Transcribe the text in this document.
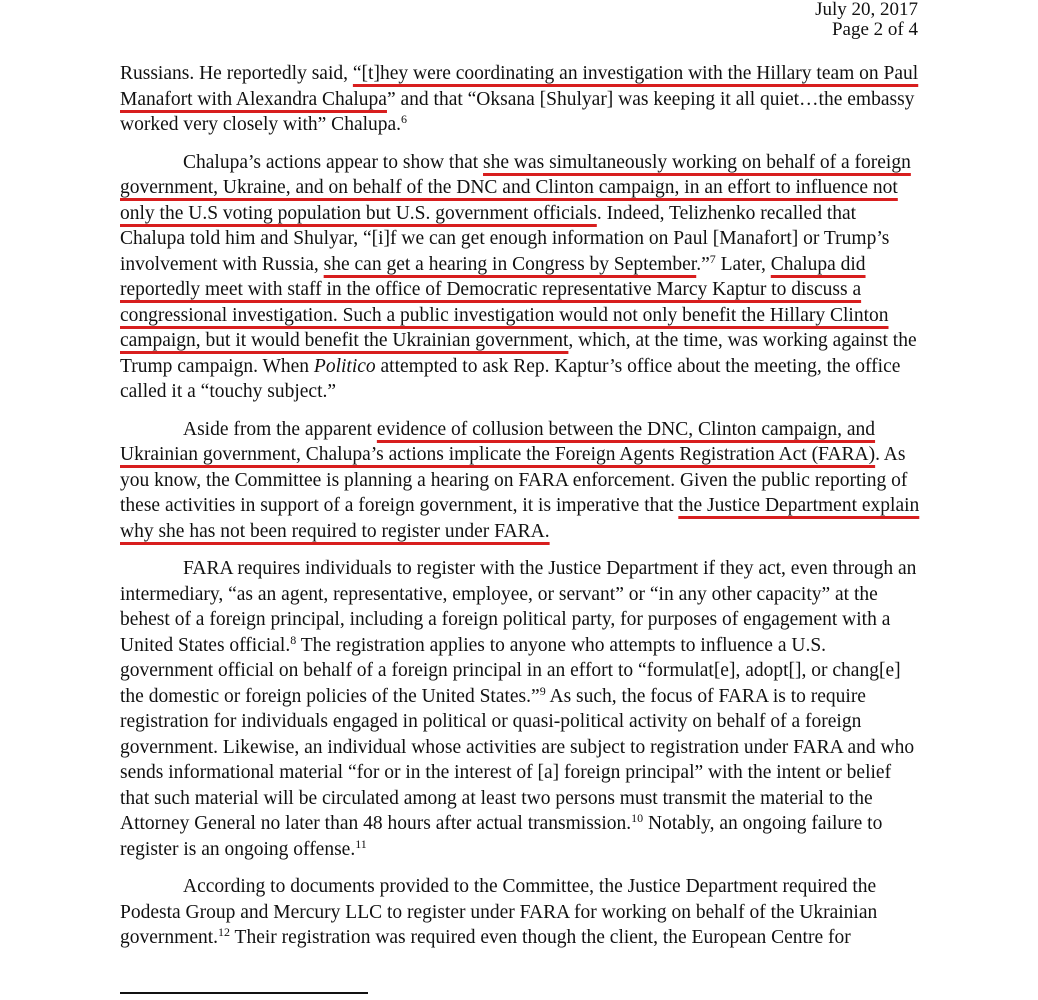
July 20, 2017
Page 2 of 4

Russians. He reportedly said, “[t]hey were coordinating an investigation with the Hillary team on Paul Manafort with Alexandra Chalupa” and that “Oksana [Shulyar] was keeping it all quiet…the embassy worked very closely with” Chalupa.$^6$

Chalupa’s actions appear to show that she was simultaneously working on behalf of a foreign government, Ukraine, and on behalf of the DNC and Clinton campaign, in an effort to influence not only the U.S voting population but U.S. government officials. Indeed, Telizhenko recalled that Chalupa told him and Shulyar, “[i]f we can get enough information on Paul [Manafort] or Trump’s involvement with Russia, she can get a hearing in Congress by September.”$^7$ Later, Chalupa did reportedly meet with staff in the office of Democratic representative Marcy Kaptur to discuss a congressional investigation. Such a public investigation would not only benefit the Hillary Clinton campaign, but it would benefit the Ukrainian government, which, at the time, was working against the Trump campaign. When Politico attempted to ask Rep. Kaptur’s office about the meeting, the office called it a “touchy subject.”

Aside from the apparent evidence of collusion between the DNC, Clinton campaign, and Ukrainian government, Chalupa’s actions implicate the Foreign Agents Registration Act (FARA). As you know, the Committee is planning a hearing on FARA enforcement. Given the public reporting of these activities in support of a foreign government, it is imperative that the Justice Department explain why she has not been required to register under FARA.

FARA requires individuals to register with the Justice Department if they act, even through an intermediary, “as an agent, representative, employee, or servant” or “in any other capacity” at the behest of a foreign principal, including a foreign political party, for purposes of engagement with a United States official.$^8$ The registration applies to anyone who attempts to influence a U.S. government official on behalf of a foreign principal in an effort to “formulat[e], adopt[], or chang[e] the domestic or foreign policies of the United States.”$^9$ As such, the focus of FARA is to require registration for individuals engaged in political or quasi-political activity on behalf of a foreign government. Likewise, an individual whose activities are subject to registration under FARA and who sends informational material “for or in the interest of [a] foreign principal” with the intent or belief that such material will be circulated among at least two persons must transmit the material to the Attorney General no later than 48 hours after actual transmission.$^{10}$ Notably, an ongoing failure to register is an ongoing offense.$^{11}$

According to documents provided to the Committee, the Justice Department required the Podesta Group and Mercury LLC to register under FARA for working on behalf of the Ukrainian government.$^{12}$ Their registration was required even though the client, the European Centre for
